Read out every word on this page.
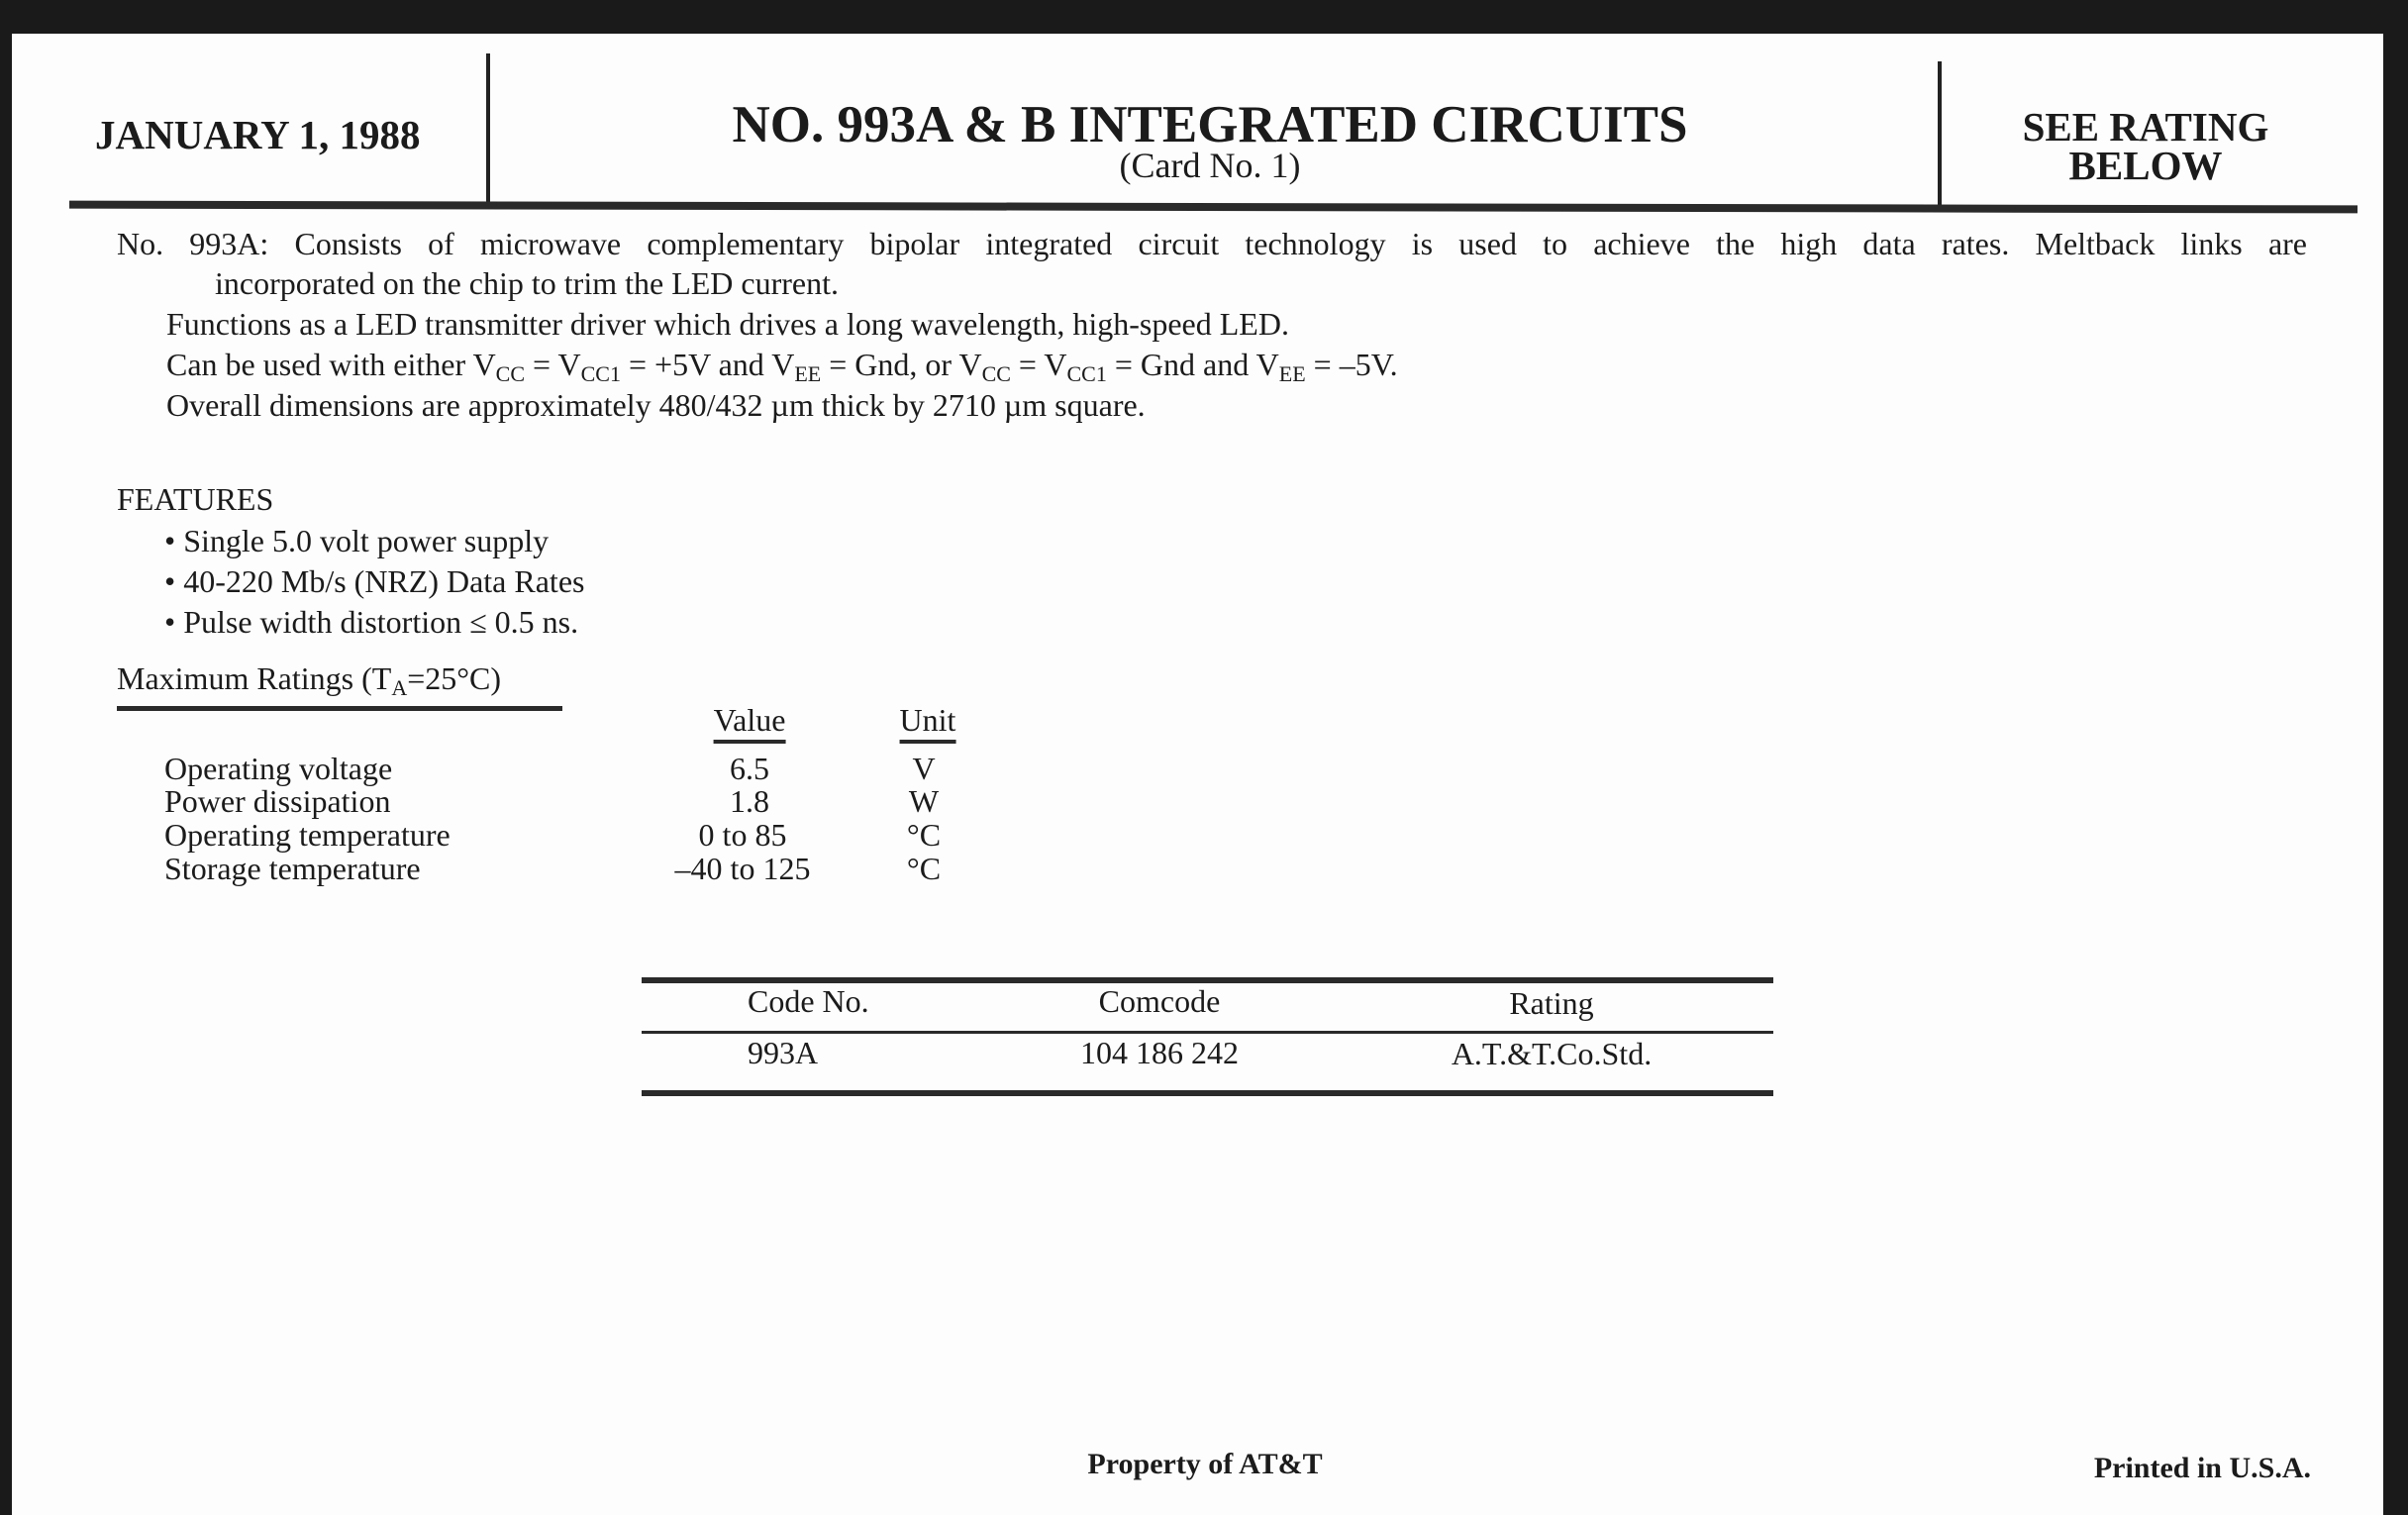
JANUARY 1, 1988	NO. 993A & B INTEGRATED CIRCUITS
(Card No. 1)
SEE RATING
BELOW
No. 993A: Consists of microwave complementary bipolar integrated circuit technology is used to achieve the high data rates. Meltback links are
incorporated on the chip to trim the LED current.
Functions as a LED transmitter driver which drives a long wavelength, high-speed LED.
Can be used with either $V_{CC} = V_{CC1} = +5V$ and $V_{EE}$ = Gnd, or $V_{CC} = V_{CC1}$ = Gnd and $V_{EE} = -5V$.
Overall dimensions are approximately 480/432 µm thick by 2710 µm square.
FEATURES
• Single 5.0 volt power supply
• 40-220 Mb/s (NRZ) Data Rates
• Pulse width distortion ≤ 0.5 ns.
Maximum Ratings $(T_A=25^\circ C)$
Value	Unit
Operating voltage	6.5	V
Power dissipation	1.8	W
Operating temperature	0 to 85	°C
Storage temperature	–40 to 125	°C
Code No.	Comcode	Rating
993A	104 186 242	A.T.&T.Co.Std.
Property of AT&T	Printed in U.S.A.
